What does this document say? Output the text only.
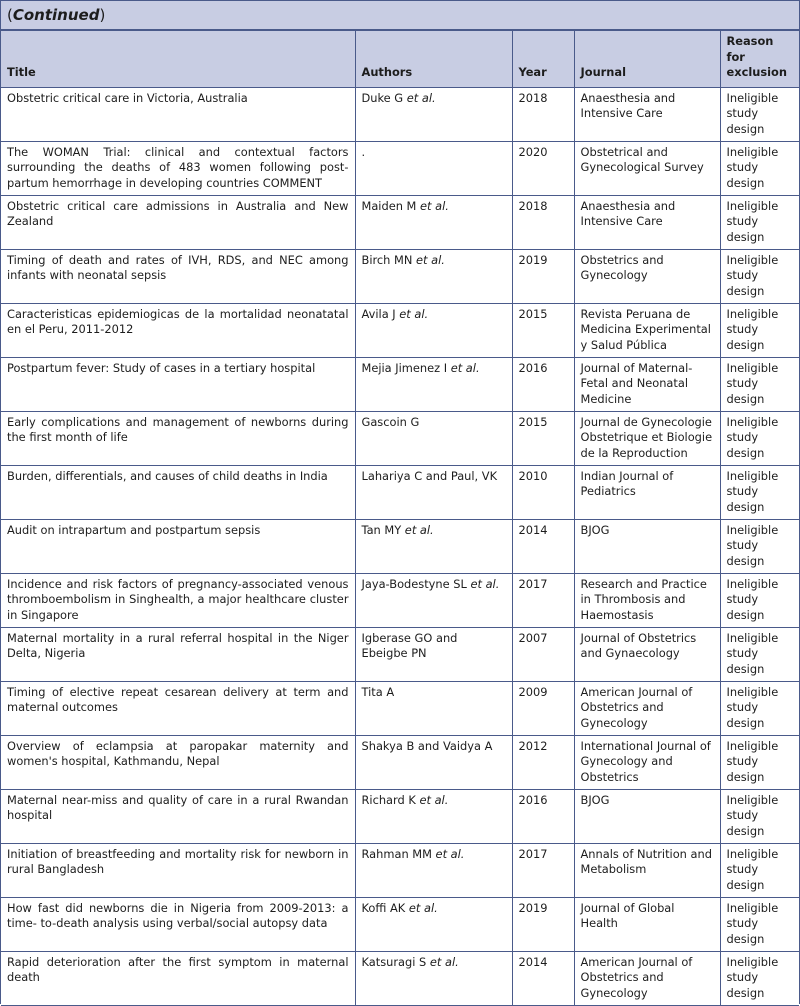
(Continued)
Title	Authors	Year	Journal	Reason for exclusion
Obstetric critical care in Victoria, Australia	Duke G et al.	2018	Anaesthesia and Intensive Care	Ineligible study design
The WOMAN Trial: clinical and contextual factors surrounding the deaths of 483 women following post-partum hemorrhage in developing countries COMMENT	.	2020	Obstetrical and Gynecological Survey	Ineligible study design
Obstetric critical care admissions in Australia and New Zealand	Maiden M et al.	2018	Anaesthesia and Intensive Care	Ineligible study design
Timing of death and rates of IVH, RDS, and NEC among infants with neonatal sepsis	Birch MN et al.	2019	Obstetrics and Gynecology	Ineligible study design
Caracteristicas epidemiogicas de la mortalidad neonatatal en el Peru, 2011-2012	Avila J et al.	2015	Revista Peruana de Medicina Experimental y Salud Pública	Ineligible study design
Postpartum fever: Study of cases in a tertiary hospital	Mejia Jimenez I et al.	2016	Journal of Maternal-Fetal and Neonatal Medicine	Ineligible study design
Early complications and management of newborns during the first month of life	Gascoin G	2015	Journal de Gynecologie Obstetrique et Biologie de la Reproduction	Ineligible study design
Burden, differentials, and causes of child deaths in India	Lahariya C and Paul, VK	2010	Indian Journal of Pediatrics	Ineligible study design
Audit on intrapartum and postpartum sepsis	Tan MY et al.	2014	BJOG	Ineligible study design
Incidence and risk factors of pregnancy-associated venous thromboembolism in Singhealth, a major healthcare cluster in Singapore	Jaya-Bodestyne SL et al.	2017	Research and Practice in Thrombosis and Haemostasis	Ineligible study design
Maternal mortality in a rural referral hospital in the Niger Delta, Nigeria	Igberase GO and Ebeigbe PN	2007	Journal of Obstetrics and Gynaecology	Ineligible study design
Timing of elective repeat cesarean delivery at term and maternal outcomes	Tita A	2009	American Journal of Obstetrics and Gynecology	Ineligible study design
Overview of eclampsia at paropakar maternity and women's hospital, Kathmandu, Nepal	Shakya B and Vaidya A	2012	International Journal of Gynecology and Obstetrics	Ineligible study design
Maternal near-miss and quality of care in a rural Rwandan hospital	Richard K et al.	2016	BJOG	Ineligible study design
Initiation of breastfeeding and mortality risk for newborn in rural Bangladesh	Rahman MM et al.	2017	Annals of Nutrition and Metabolism	Ineligible study design
How fast did newborns die in Nigeria from 2009-2013: a time- to-death analysis using verbal/social autopsy data	Koffi AK et al.	2019	Journal of Global Health	Ineligible study design
Rapid deterioration after the first symptom in maternal death	Katsuragi S et al.	2014	American Journal of Obstetrics and Gynecology	Ineligible study design
